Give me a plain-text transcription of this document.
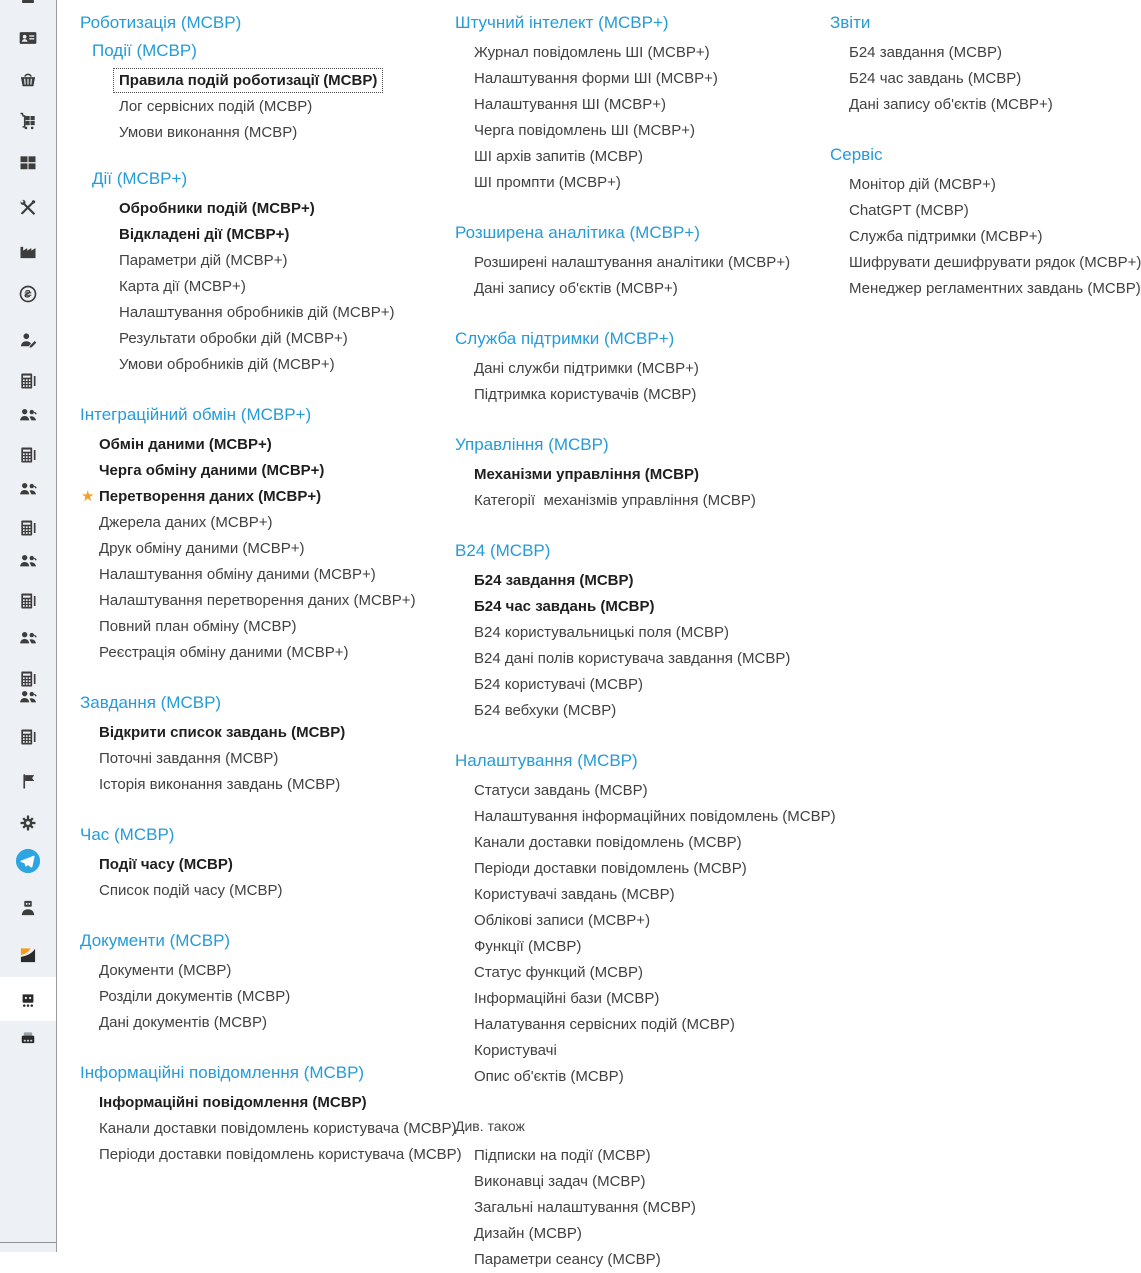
Роботизація (МСВР)
Події (МСВР)
Правила подій роботизації (МСВР)
Лог сервісних подій (МСВР)
Умови виконання (МСВР)
Дії (МСВР+)
Обробники подій (МСВР+)
Відкладені дії (МСВР+)
Параметри дій (МСВР+)
Карта дії (МСВР+)
Налаштування обробників дій (МСВР+)
Результати обробки дій (МСВР+)
Умови обробників дій (МСВР+)
Інтеграційний обмін (МСВР+)
Обмін даними (МСВР+)
Черга обміну даними (МСВР+)
★ Перетворення даних (МСВР+)
Джерела даних (МСВР+)
Друк обміну даними (МСВР+)
Налаштування обміну даними (МСВР+)
Налаштування перетворення даних (МСВР+)
Повний план обміну (МСВР)
Реєстрація обміну даними (МСВР+)
Завдання (МСВР)
Відкрити список завдань (МСВР)
Поточні завдання (МСВР)
Історія виконання завдань (МСВР)
Час (МСВР)
Події часу (МСВР)
Список подій часу (МСВР)
Документи (МСВР)
Документи (МСВР)
Розділи документів (МСВР)
Дані документів (МСВР)
Інформаційні повідомлення (МСВР)
Інформаційні повідомлення (МСВР)
Канали доставки повідомлень користувача (МСВР)
Періоди доставки повідомлень користувача (МСВР)
Штучний інтелект (МСВР+)
Журнал повідомлень ШІ (МСВР+)
Налаштування форми ШІ (МСВР+)
Налаштування ШІ (МСВР+)
Черга повідомлень ШІ (МСВР+)
ШІ архів запитів (МСВР)
ШІ промпти (МСВР+)
Розширена аналітика (МСВР+)
Розширені налаштування аналітики (МСВР+)
Дані запису об'єктів (МСВР+)
Служба підтримки (МСВР+)
Дані служби підтримки (МСВР+)
Підтримка користувачів (МСВР)
Управління (МСВР)
Механізми управління (МСВР)
Категорії  механізмів управління (МСВР)
В24 (МСВР)
Б24 завдання (МСВР)
Б24 час завдань (МСВР)
В24 користувальницькі поля (МСВР)
В24 дані полів користувача завдання (МСВР)
Б24 користувачі (МСВР)
Б24 вебхуки (МСВР)
Налаштування (МСВР)
Статуси завдань (МСВР)
Налаштування інформаційних повідомлень (МСВР)
Канали доставки повідомлень (МСВР)
Періоди доставки повідомлень (МСВР)
Користувачі завдань (МСВР)
Облікові записи (МСВР+)
Функції (МСВР)
Статус функций (МСВР)
Інформаційні бази (МСВР)
Налатування сервісних подій (МСВР)
Користувачі
Опис об'єктів (МСВР)
Див. також
Підписки на події (МСВР)
Виконавці задач (МСВР)
Загальні налаштування (МСВР)
Дизайн (МСВР)
Параметри сеансу (МСВР)
Звіти
Б24 завдання (МСВР)
Б24 час завдань (МСВР)
Дані запису об'єктів (МСВР+)
Сервіс
Монітор дій (МСВР+)
ChatGPT (МСВР)
Служба підтримки (МСВР+)
Шифрувати дешифрувати рядок (МСВР+)
Менеджер регламентних завдань (МСВР)
